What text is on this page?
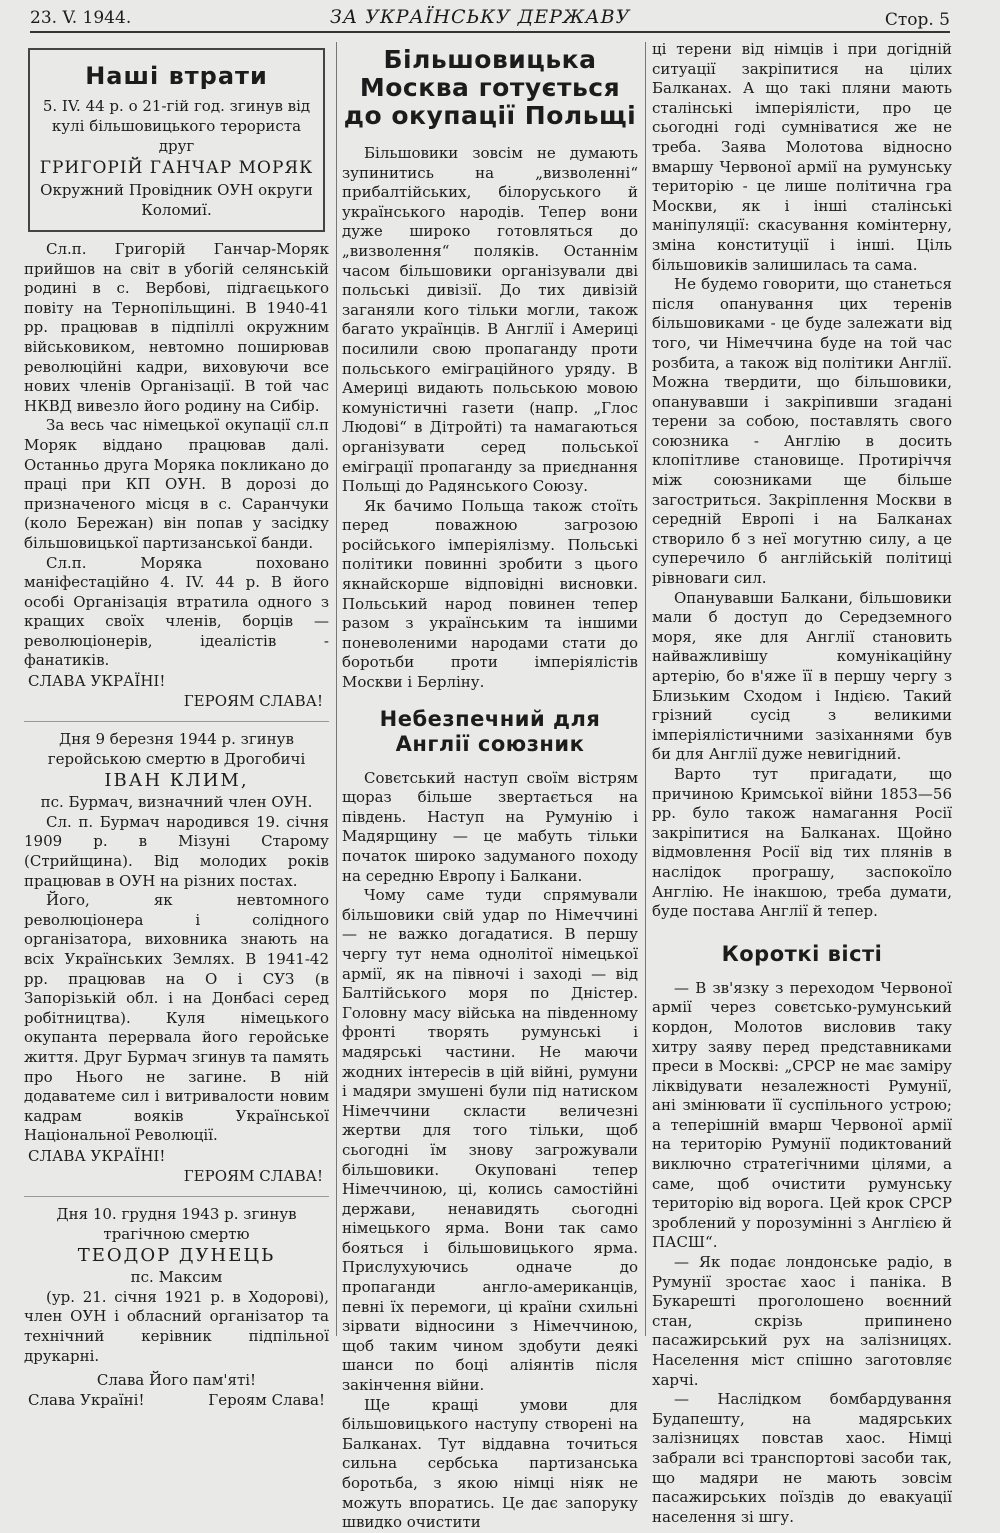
23. V. 1944.	ЗА УКРАЇНСЬКУ ДЕРЖАВУ	Стор. 5
Наші втрати
5. IV. 44 р. о 21-гій год. згинув від кулі більшовицького терориста друг
ГРИГОРІЙ ГАНЧАР МОРЯК
Окружний Провідник ОУН округи Коломиї.

Сл.п. Григорій Ганчар-Моряк прийшов на світ в убогій селянській родині в с. Вербові, підгаєцького повіту на Тернопільщині. В 1940-41 рр. працював в підпіллі окружним військовиком, невтомно поширював революційні кадри, виховуючи все нових членів Організації. В той час НКВД вивезло його родину на Сибір.

За весь час німецької окупації сл.п Моряк віддано працював далі. Останньо друга Моряка покликано до праці при КП ОУН. В дорозі до призначеного місця в с. Саранчуки (коло Бережан) він попав у засідку більшовицької партизанської банди.

Сл.п. Моряка поховано маніфестаційно 4. IV. 44 р. В його особі Організація втратила одного з кращих своїх членів, борців — революціонерів, ідеалістів - фанатиків.

СЛАВА УКРАЇНІ!

ГЕРОЯМ СЛАВА!

Дня 9 березня 1944 р. згинув геройською смертю в Дрогобичі

ІВАН КЛИМ,

пс. Бурмач, визначний член ОУН.

Сл. п. Бурмач народився 19. січня 1909 р. в Мізуні Старому (Стрийщина). Від молодих років працював в ОУН на різних постах.

Його, як невтомного революціонера і солідного організатора, виховника знають на всіх Українських Землях. В 1941-42 рр. працював на О і СУЗ (в Запорізькій обл. і на Донбасі серед робітництва). Куля німецького окупанта перервала його геройське життя. Друг Бурмач згинув та память про Нього не загине. В ній додаватеме сил і витривалости новим кадрам вояків Української Національної Революції.

СЛАВА УКРАЇНІ!

ГЕРОЯМ СЛАВА!

Дня 10. грудня 1943 р. згинув трагічною смертю

ТЕОДОР ДУНЕЦЬ

пс. Максим

(ур. 21. січня 1921 р. в Ходорові), член ОУН і обласний організатор та технічний керівник підпільної друкарні.

Слава Його пам'яті!

Слава Україні!	Героям Слава!
Більшовицька Москва готується до окупації Польщі

Більшовики зовсім не думають зупинитись на „визволенні“ прибалтійських, білоруського й українського народів. Тепер вони дуже широко готовляться до „визволення“ поляків. Останнім часом більшовики організували дві польські дивізії. До тих дивізій заганяли кого тільки могли, також багато українців. В Англії і Америці посилили свою пропаганду проти польського еміграційного уряду. В Америці видають польською мовою комуністичні газети (напр. „Глос Людові“ в Дітройті) та намагаються організувати серед польської еміграції пропаганду за приєднання Польщі до Радянського Союзу.

Як бачимо Польща також стоїть перед поважною загрозою російського імперіялізму. Польські політики повинні зробити з цього якнайскорше відповідні висновки. Польський народ повинен тепер разом з українським та іншими поневоленими народами стати до боротьби проти імперіялістів Москви і Берліну.

Небезпечний для Англії союзник

Совєтський наступ своїм вістрям щораз більше звертається на південь. Наступ на Румунію і Мадярщину — це мабуть тільки початок широко задуманого походу на середню Европу і Балкани.

Чому саме туди спрямували більшовики свій удар по Німеччині — не важко догадатися. В першу чергу тут нема однолітої німецької армії, як на півночі і заході — від Балтійського моря по Дністер. Головну масу війська на південному фронті творять румунські і мадярські частини. Не маючи жодних інтересів в цій війні, румуни і мадяри змушені були під натиском Німеччини скласти величезні жертви для того тільки, щоб сьогодні їм знову загрожували більшовики. Окуповані тепер Німеччиною, ці, колись самостійні держави, ненавидять сьогодні німецького ярма. Вони так само бояться і більшовицького ярма. Прислухуючись одначе до пропаганди англо-американців, певні їх перемоги, ці країни схильні зірвати відносини з Німеччиною, щоб таким чином здобути деякі шанси по боці аліянтів після закінчення війни.

Ще кращі умови для більшовицького наступу створені на Балканах. Тут віддавна точиться сильна сербська партизанська боротьба, з якою німці ніяк не можуть впоратись. Це дає запоруку швидко очистити

ці терени від німців і при догідній ситуації закріпитися на цілих Балканах. А що такі пляни мають сталінські імперіялісти, про це сьогодні годі сумніватися же не треба. Заява Молотова відносно вмаршу Червоної армії на румунську територію - це лише політична гра Москви, як і інші сталінські маніпуляції: скасування комінтерну, зміна конституції і інші. Ціль більшовиків залишилась та сама.

Не будемо говорити, що станеться після опанування цих теренів більшовиками - це буде залежати від того, чи Німеччина буде на той час розбита, а також від політики Англії. Можна твердити, що більшовики, опанувавши і закріпивши згадані терени за собою, поставлять свого союзника - Англію в досить клопітливе становище. Протиріччя між союзниками ще більше загостриться. Закріплення Москви в середній Европі і на Балканах створило б з неї могутню силу, а це суперечило б англійській політиці рівноваги сил.

Опанувавши Балкани, більшовики мали б доступ до Середземного моря, яке для Англії становить найважливішу комунікаційну артерію, бо в'яже її в першу чергу з Близьким Сходом і Індією. Такий грізний сусід з великими імперіялістичними зазіханнями був би для Англії дуже невигідний.

Варто тут пригадати, що причиною Кримської війни 1853—56 рр. було також намагання Росії закріпитися на Балканах. Щойно відмовлення Росії від тих плянів в наслідок програшу, заспокоїло Англію. Не інакшою, треба думати, буде постава Англії й тепер.

Короткі вісті

— В зв'язку з переходом Червоної армії через совєтсько-румунський кордон, Молотов висловив таку хитру заяву перед представниками преси в Москві: „СРСР не має заміру ліквідувати незалежності Румунії, ані змінювати її суспільного устрою; а теперішній вмарш Червоної армії на територію Румунії подиктований виключно стратегічними цілями, а саме, щоб очистити румунську територію від ворога. Цей крок СРСР зроблений у порозумінні з Англією й ПАСШ“.

— Як подає лондонське радіо, в Румунії зростає хаос і паніка. В Букарешті проголошено воєнний стан, скрізь припинено пасажирський рух на залізницях. Населення міст спішно заготовляє харчі.

— Наслідком бомбардування Будапешту, на мадярських залізницях повстав хаос. Німці забрали всі транспортові засоби так, що мадяри не мають зовсім пасажирських поїздів до евакуації населення зі шгу.
